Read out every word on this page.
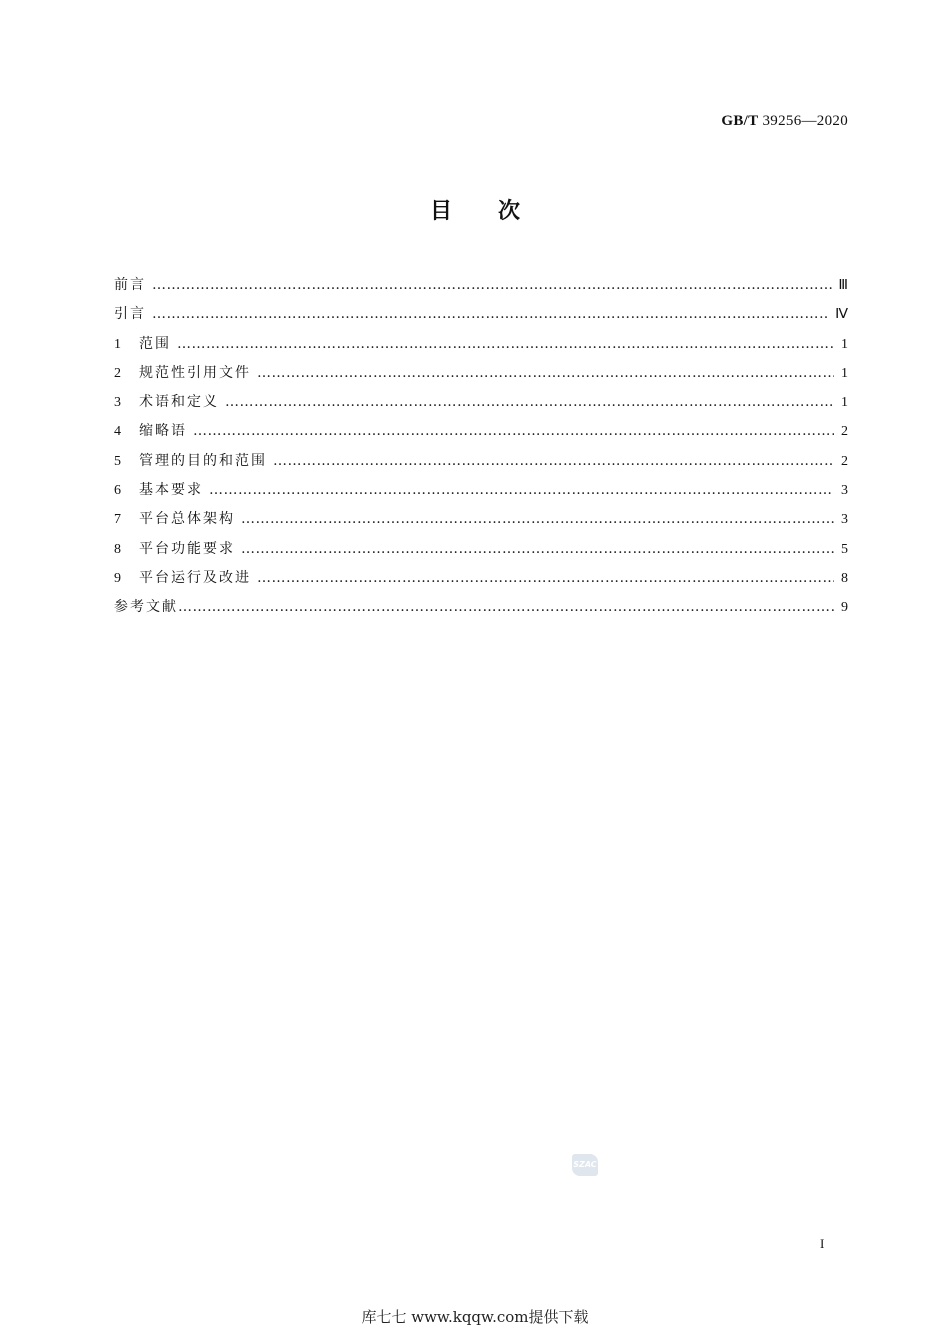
GB/T 39256—2020
目次
前言 ……………………………………………………………………………………………………………………………………………………………………………………………………………………	Ⅲ
引言 ……………………………………………………………………………………………………………………………………………………………………………………………………………………	Ⅳ
1	范围 ……………………………………………………………………………………………………………………………………………………………………………………………………………………	1
2	规范性引用文件 ……………………………………………………………………………………………………………………………………………………………………………………………………………………	1
3	术语和定义 ……………………………………………………………………………………………………………………………………………………………………………………………………………………	1
4	缩略语 ……………………………………………………………………………………………………………………………………………………………………………………………………………………	2
5	管理的目的和范围 ……………………………………………………………………………………………………………………………………………………………………………………………………………………	2
6	基本要求 ……………………………………………………………………………………………………………………………………………………………………………………………………………………	3
7	平台总体架构 ……………………………………………………………………………………………………………………………………………………………………………………………………………………	3
8	平台功能要求 ……………………………………………………………………………………………………………………………………………………………………………………………………………………	5
9	平台运行及改进 ……………………………………………………………………………………………………………………………………………………………………………………………………………………	8
参考文献 ……………………………………………………………………………………………………………………………………………………………………………………………………………………	9
SZAC
I
库七七 www.kqqw.com提供下载
